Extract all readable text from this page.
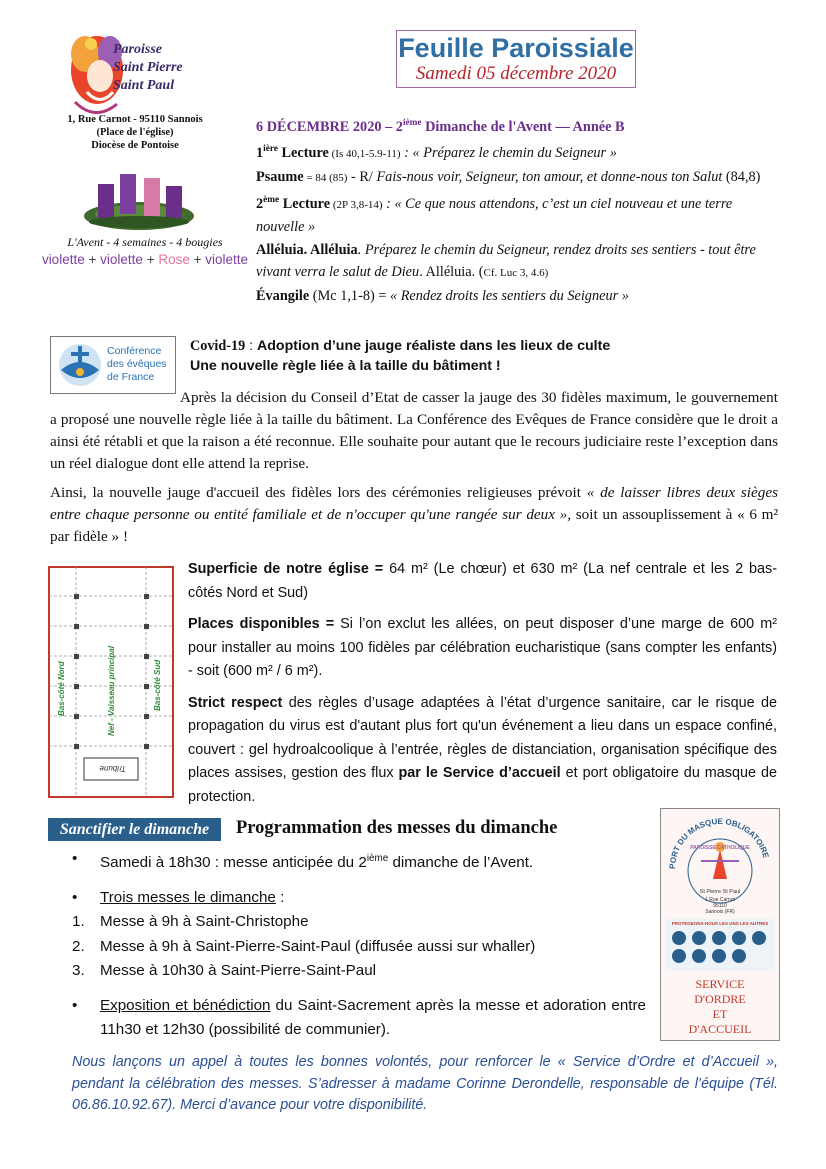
Paroisse
Saint Pierre
Saint Paul
1, Rue Carnot - 95110 Sannois
(Place de l'église)
Diocèse de Pontoise
L'Avent - 4 semaines - 4 bougies
violette + violette + Rose + violette
Feuille Paroissiale
Samedi 05 décembre 2020
6 DÉCEMBRE 2020 – 2ième Dimanche de l'Avent — Année B
$1^{ière}$ Lecture (Is 40,1-5.9-11) : « Préparez le chemin du Seigneur »
Psaume = 84 (85) - R/ Fais-nous voir, Seigneur, ton amour, et donne-nous ton Salut (84,8)
2ème Lecture (2P 3,8-14) : « Ce que nous attendons, c’est un ciel nouveau et une terre nouvelle »
Alléluia. Alléluia. Préparez le chemin du Seigneur, rendez droits ses sentiers - tout être vivant verra le salut de Dieu. Alléluia. (Cf. Luc 3, 4.6)
Évangile (Mc 1,1-8) = « Rendez droits les sentiers du Seigneur »
Conférence
des évêques
de France
Covid-19 : Adoption d’une jauge réaliste dans les lieux de culte
Une nouvelle règle liée à la taille du bâtiment !
Après la décision du Conseil d’Etat de casser la jauge des 30 fidèles maximum, le gouvernement a proposé une nouvelle règle liée à la taille du bâtiment. La Conférence des Evêques de France considère que le droit a ainsi été rétabli et que la raison a été reconnue. Elle souhaite pour autant que le recours judiciaire reste l’exception dans un réel dialogue dont elle attend la reprise.
Ainsi, la nouvelle jauge d'accueil des fidèles lors des cérémonies religieuses prévoit « de laisser libres deux sièges entre chaque personne ou entité familiale et de n'occuper qu'une rangée sur deux », soit un assouplissement à « 6 m² par fidèle » !
Bas-côté Nord	Nef - Vaisseau principal	Bas-côté Sud
Tribune

Superficie de notre église = 64 m² (Le chœur) et 630 m² (La nef centrale et les 2 bas-côtés Nord et Sud)

Places disponibles = Si l’on exclut les allées, on peut disposer d’une marge de 600 m² pour installer au moins 100 fidèles par célébration eucharistique (sans compter les enfants) - soit (600 m² / 6 m²).

Strict respect des règles d’usage adaptées à l’état d’urgence sanitaire, car le risque de propagation du virus est d'autant plus fort qu'un événement a lieu dans un espace confiné, couvert : gel hydroalcoolique à l’entrée, règles de distanciation, organisation spécifique des places assises, gestion des flux par le Service d’accueil et port obligatoire du masque de protection.

Sanctifier le dimanche	Programmation des messes du dimanche
• Samedi à 18h30 : messe anticipée du 2ième dimanche de l’Avent.
• Trois messes le dimanche :
1. Messe à 9h à Saint-Christophe
2. Messe à 9h à Saint-Pierre-Saint-Paul (diffusée aussi sur whaller)
3. Messe à 10h30 à Saint-Pierre-Saint-Paul
• Exposition et bénédiction du Saint-Sacrement après la messe et adoration entre 11h30 et 12h30 (possibilité de communier).
PORT DU MASQUE OBLIGATOIRE
PAROISSE CATHOLIQUE
St Pierre St Paul
1 Rue Carnot
95110
Sannois (FR)
PROTÉGEONS-NOUS LES UNS LES AUTRES
SERVICE
D'ORDRE
ET
D'ACCUEIL
Nous lançons un appel à toutes les bonnes volontés, pour renforcer le « Service d’Ordre et d’Accueil », pendant la célébration des messes. S’adresser à madame Corinne Derondelle, responsable de l’équipe (Tél. 06.86.10.92.67). Merci d’avance pour votre disponibilité.
